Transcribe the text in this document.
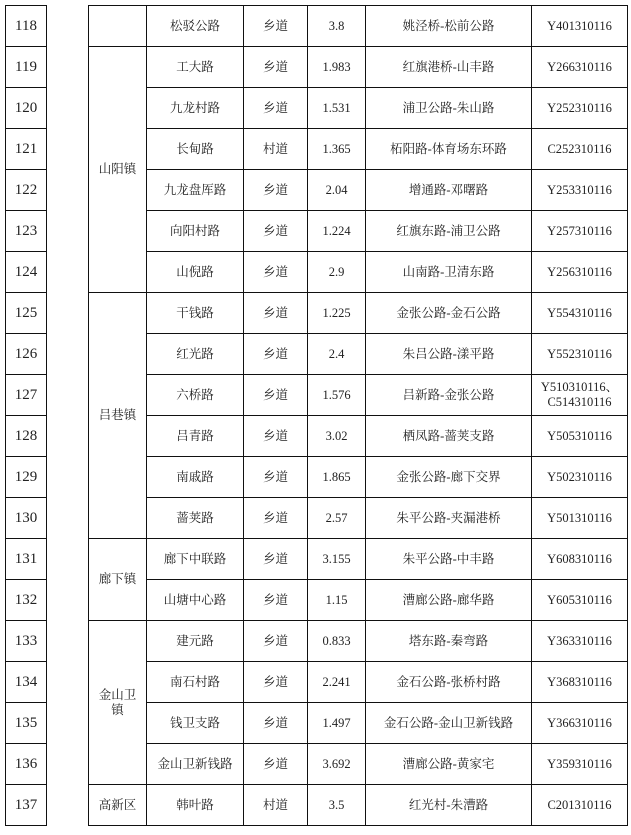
118			松驳公路	乡道	3.8	姚泾桥-松前公路	Y401310116
119		山阳镇	工大路	乡道	1.983	红旗港桥-山丰路	Y266310116
120			九龙村路	乡道	1.531	浦卫公路-朱山路	Y252310116
121			长甸路	村道	1.365	柘阳路-体育场东环路	C252310116
122			九龙盘厍路	乡道	2.04	增通路-邓曙路	Y253310116
123			向阳村路	乡道	1.224	红旗东路-浦卫公路	Y257310116
124			山倪路	乡道	2.9	山南路-卫清东路	Y256310116
125		吕巷镇	干钱路	乡道	1.225	金张公路-金石公路	Y554310116
126			红光路	乡道	2.4	朱吕公路-漾平路	Y552310116
127			六桥路	乡道	1.576	吕新路-金张公路	Y510310116、C514310116
128			吕青路	乡道	3.02	栖凤路-蔷荚支路	Y505310116
129			南戚路	乡道	1.865	金张公路-廊下交界	Y502310116
130			蔷荚路	乡道	2.57	朱平公路-夹漏港桥	Y501310116
131		廊下镇	廊下中联路	乡道	3.155	朱平公路-中丰路	Y608310116
132			山塘中心路	乡道	1.15	漕廊公路-廊华路	Y605310116
133		金山卫镇	建元路	乡道	0.833	塔东路-秦弯路	Y363310116
134			南石村路	乡道	2.241	金石公路-张桥村路	Y368310116
135			钱卫支路	乡道	1.497	金石公路-金山卫新钱路	Y366310116
136			金山卫新钱路	乡道	3.692	漕廊公路-黄家宅	Y359310116
137		高新区	韩叶路	村道	3.5	红光村-朱漕路	C201310116
